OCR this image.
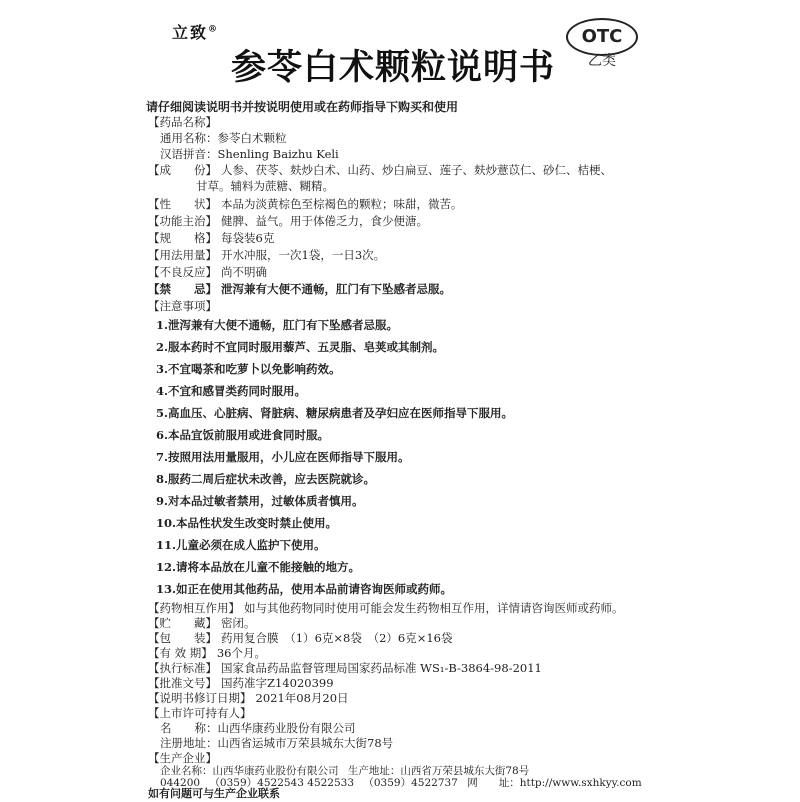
立致®
参苓白术颗粒说明书
OTC
乙类
请仔细阅读说明书并按说明使用或在药师指导下购买和使用
【药品名称】
通用名称：参苓白术颗粒
汉语拼音：Shenling Baizhu Keli
【成　　份】 人参、茯苓、麸炒白术、山药、炒白扁豆、莲子、麸炒薏苡仁、砂仁、桔梗、
甘草。辅料为蔗糖、糊精。
【性　　状】 本品为淡黄棕色至棕褐色的颗粒；味甜，微苦。
【功能主治】 健脾、益气。用于体倦乏力，食少便溏。
【规　　格】 每袋装6克
【用法用量】 开水冲服，一次1袋，一日3次。
【不良反应】 尚不明确
【禁　　忌】 泄泻兼有大便不通畅，肛门有下坠感者忌服。
【注意事项】
1.泄泻兼有大便不通畅，肛门有下坠感者忌服。
2.服本药时不宜同时服用藜芦、五灵脂、皂荚或其制剂。
3.不宜喝茶和吃萝卜以免影响药效。
4.不宜和感冒类药同时服用。
5.高血压、心脏病、肾脏病、糖尿病患者及孕妇应在医师指导下服用。
6.本品宜饭前服用或进食同时服。
7.按照用法用量服用，小儿应在医师指导下服用。
8.服药二周后症状未改善，应去医院就诊。
9.对本品过敏者禁用，过敏体质者慎用。
10.本品性状发生改变时禁止使用。
11.儿童必须在成人监护下使用。
12.请将本品放在儿童不能接触的地方。
13.如正在使用其他药品，使用本品前请咨询医师或药师。
【药物相互作用】 如与其他药物同时使用可能会发生药物相互作用，详情请咨询医师或药师。
【贮　　藏】 密闭。
【包　　装】 药用复合膜　（1）6克×8袋　（2）6克×16袋
【有 效 期】 36个月。
【执行标准】 国家食品药品监督管理局国家药品标准 WS₁-B-3864-98-2011
【批准文号】 国药准字Z14020399
【说明书修订日期】 2021年08月20日
【上市许可持有人】
名　　称：山西华康药业股份有限公司
注册地址：山西省运城市万荣县城东大街78号
【生产企业】
企业名称：山西华康药业股份有限公司 生产地址：山西省万荣县城东大街78号
044200 （0359）4522543 4522533 （0359）4522737 网　　址：http://www.sxhkyy.com
如有问题可与生产企业联系
